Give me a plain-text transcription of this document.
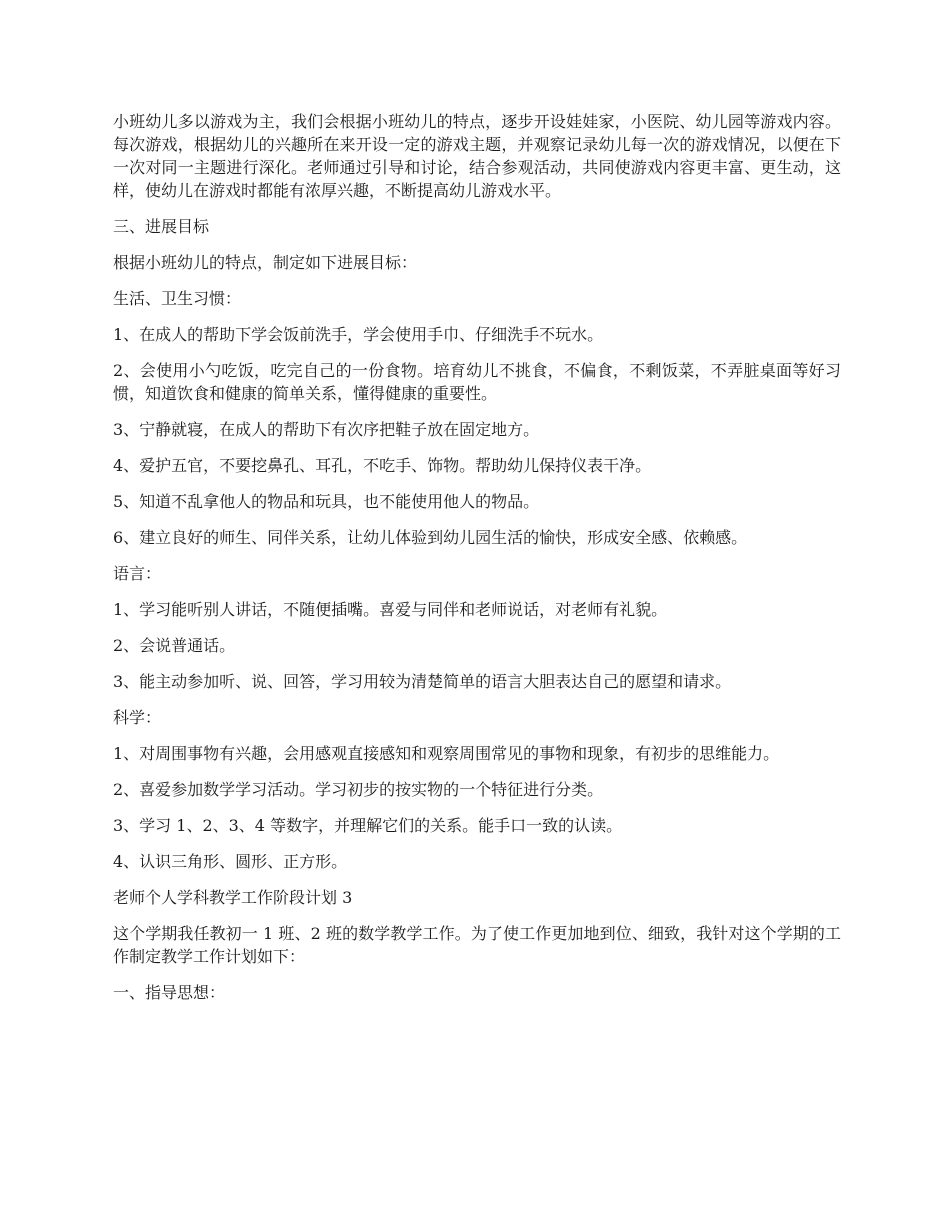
小班幼儿多以游戏为主，我们会根据小班幼儿的特点，逐步开设娃娃家，小医院、幼儿园等游戏内容。每次游戏，根据幼儿的兴趣所在来开设一定的游戏主题，并观察记录幼儿每一次的游戏情况，以便在下一次对同一主题进行深化。老师通过引导和讨论，结合参观活动，共同使游戏内容更丰富、更生动，这样，使幼儿在游戏时都能有浓厚兴趣，不断提高幼儿游戏水平。

三、进展目标

根据小班幼儿的特点，制定如下进展目标：

生活、卫生习惯：

1、在成人的帮助下学会饭前洗手，学会使用手巾、仔细洗手不玩水。

2、会使用小勺吃饭，吃完自己的一份食物。培育幼儿不挑食，不偏食，不剩饭菜，不弄脏桌面等好习惯，知道饮食和健康的简单关系，懂得健康的重要性。

3、宁静就寝，在成人的帮助下有次序把鞋子放在固定地方。

4、爱护五官，不要挖鼻孔、耳孔，不吃手、饰物。帮助幼儿保持仪表干净。

5、知道不乱拿他人的物品和玩具，也不能使用他人的物品。

6、建立良好的师生、同伴关系，让幼儿体验到幼儿园生活的愉快，形成安全感、依赖感。

语言：

1、学习能听别人讲话，不随便插嘴。喜爱与同伴和老师说话，对老师有礼貌。

2、会说普通话。

3、能主动参加听、说、回答，学习用较为清楚简单的语言大胆表达自己的愿望和请求。

科学：

1、对周围事物有兴趣，会用感观直接感知和观察周围常见的事物和现象，有初步的思维能力。

2、喜爱参加数学学习活动。学习初步的按实物的一个特征进行分类。

3、学习 1、2、3、4 等数字，并理解它们的关系。能手口一致的认读。

4、认识三角形、圆形、正方形。

老师个人学科教学工作阶段计划 3

这个学期我任教初一 1 班、2 班的数学教学工作。为了使工作更加地到位、细致，我针对这个学期的工作制定教学工作计划如下：

一、指导思想：
